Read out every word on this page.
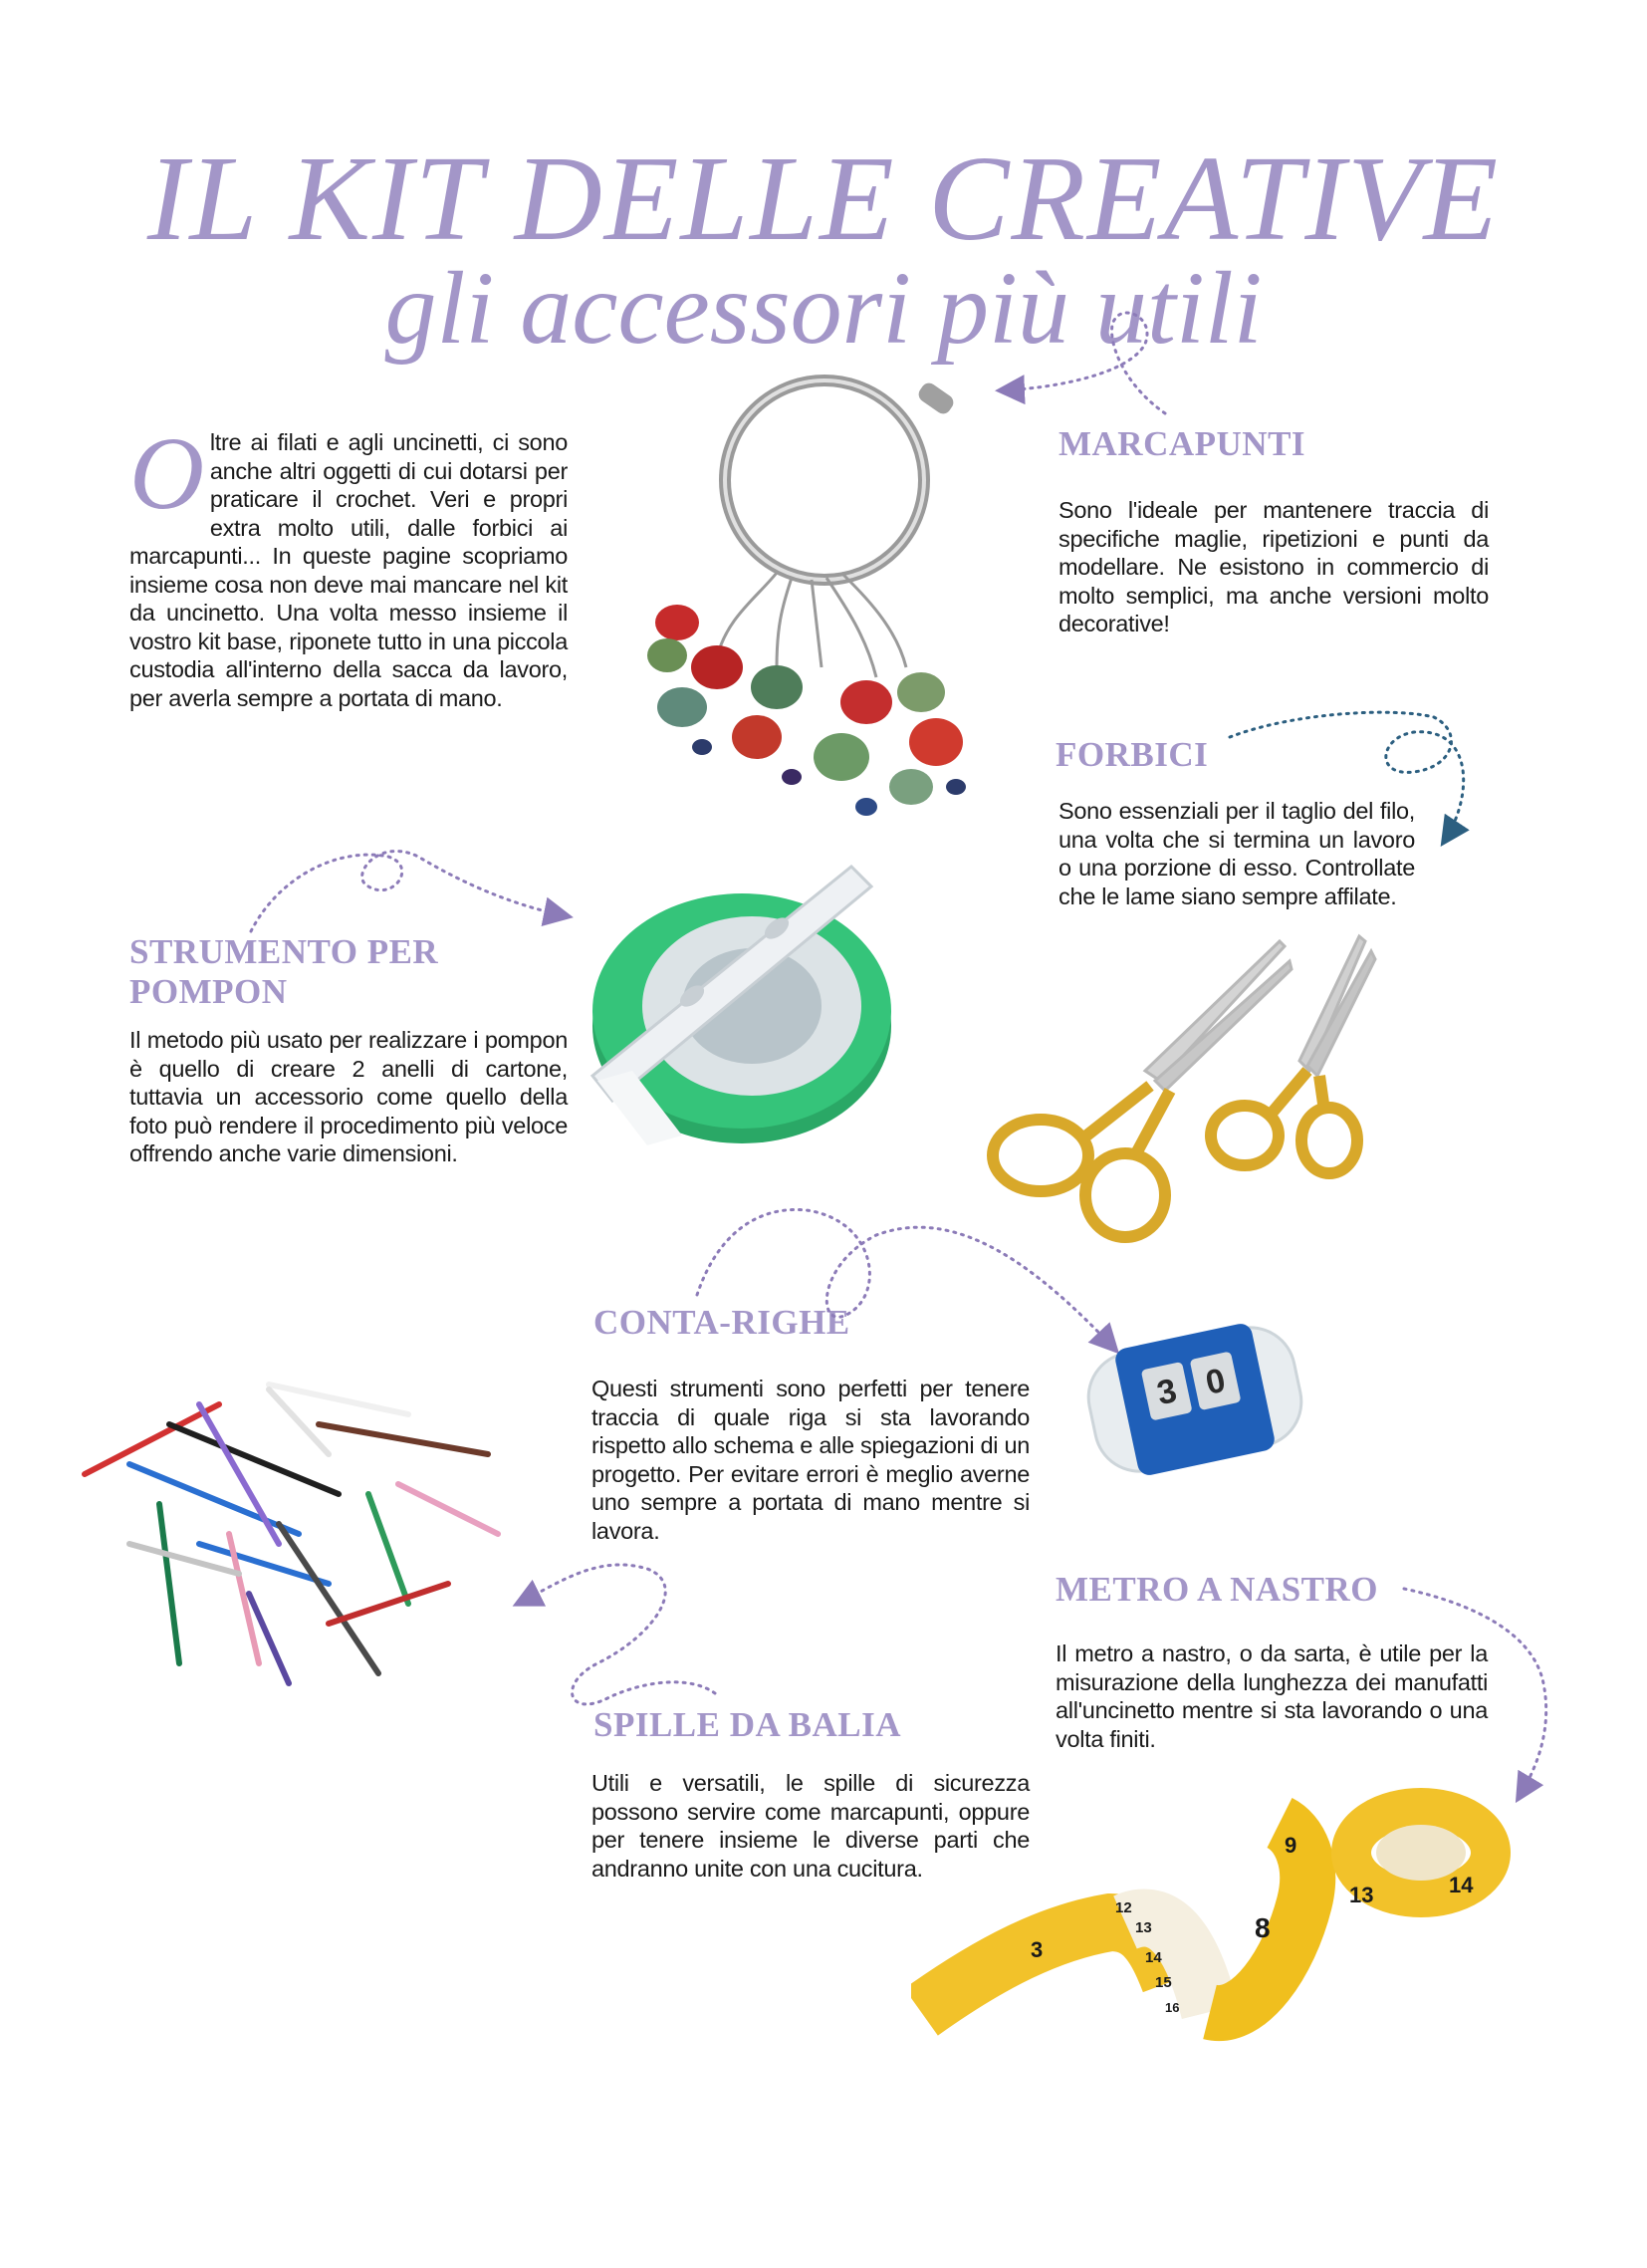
IL KIT DELLE CREATIVE
gli accessori più utili
Oltre ai filati e agli uncinetti, ci sono anche altri oggetti di cui dotarsi per praticare il crochet. Veri e propri extra molto utili, dalle forbici ai marcapunti... In queste pagine scopriamo insieme cosa non deve mai mancare nel kit da uncinetto. Una volta messo insieme il vostro kit base, riponete tutto in una piccola custodia all'interno della sacca da lavoro, per averla sempre a portata di mano.
MARCAPUNTI

Sono l'ideale per mantenere traccia di specifiche maglie, ripetizioni e punti da modellare. Ne esistono in commercio di molto semplici, ma anche versioni molto decorative!

FORBICI

Sono essenziali per il taglio del filo, una volta che si termina un lavoro o una porzione di esso. Controllate che le lame siano sempre affilate.

STRUMENTO PER POMPON

Il metodo più usato per realizzare i pompon è quello di creare 2 anelli di cartone, tuttavia un accessorio come quello della foto può rendere il procedimento più veloce offrendo anche varie dimensioni.

CONTA-RIGHE

Questi strumenti sono perfetti per tenere traccia di quale riga si sta lavorando rispetto allo schema e alle spiegazioni di un progetto. Per evitare errori è meglio averne uno sempre a portata di mano mentre si lavora.

METRO A NASTRO

Il metro a nastro, o da sarta, è utile per la misurazione della lunghezza dei manufatti all'uncinetto mentre si sta lavorando o una volta finiti.

SPILLE DA BALIA

Utili e versatili, le spille di sicurezza possono servire come marcapunti, oppure per tenere insieme le diverse parti che andranno unite con una cucitura.

3 0
3
12
13
14
15
16
8
9
13	14
